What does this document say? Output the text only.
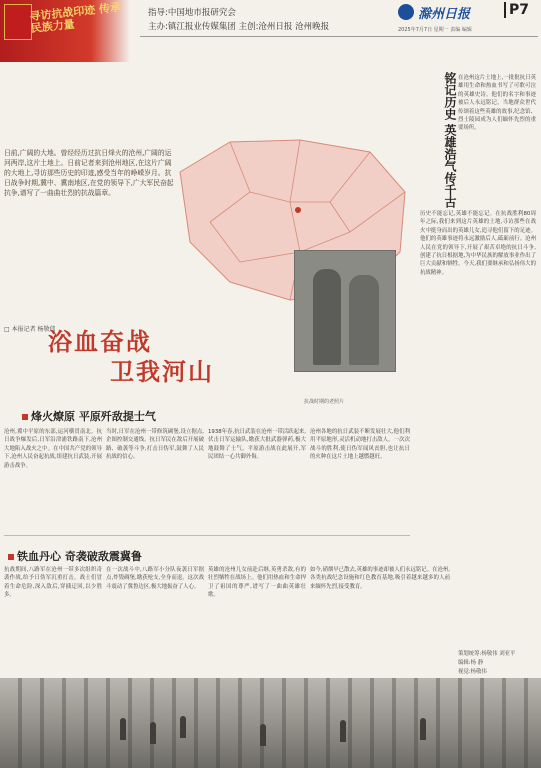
寻访抗战印迹 传承民族力量
指导:中国地市报研究会
主办:镇江报业传媒集团 主创:沧州日报 沧州晚报
滁州日报	P7
2025年7月7日 星期一 责编 编辑
日前,广阔的大地。曾经经历过抗日烽火的沧州,广阔的运河两岸,这片土地上。日前记者来到沧州地区,在这片广阔的大地上,寻访那些历史的印迹,感受当年的峥嵘岁月。抗日战争时期,冀中、冀南地区,在党的领导下,广大军民奋起抗争,谱写了一曲曲壮烈的抗战篇章。
抗战时期的老照片
浴血奋战
卫我河山
□ 本报记者 杨敬伟
铭记历史 英雄浩气传千古 在沧州这片土地上,一批批抗日英雄用生命和热血书写了可歌可泣的英雄史诗。他们的名字和事迹被后人永远铭记。当地群众世代传颂着这些英雄的故事,纪念馆、烈士陵园成为人们缅怀先烈的重要场所。
历史不能忘记,英雄不能忘记。在抗战胜利80周年之际,我们来到这片英雄的土地,寻访那些在战火中挺身而出的英雄儿女,追寻他们留下的足迹。他们的英雄事迹将永远激励后人,砥砺前行。沧州人民在党的领导下,开展了艰苦卓绝的抗日斗争,创建了抗日根据地,为中华民族的解放事业作出了巨大贡献和牺牲。今天,我们要继承和弘扬伟大的抗战精神。
策划统筹:杨敬伟 刘亚平
编辑:杨 静
视觉:杨敬伟
烽火燎原 平原歼敌提士气
沧州,冀中平原的东部,运河横贯南北。抗日战争爆发后,日军沿津浦铁路南下,沧州大地陷入战火之中。在中国共产党的领导下,沧州人民奋起抗战,组建抗日武装,开展游击战争。
当时,日军在沧州一带修筑碉堡,设立据点,企图控制交通线。抗日军民在敌后开展破路、破袭等斗争,打击日伪军,鼓舞了人民抗战的信心。
1938年春,抗日武装在沧州一带活跃起来,伏击日军运输队,缴获大批武器弹药,极大地鼓舞了士气。平原游击战在此展开,军民团结一心共御外侮。
沧州各地的抗日武装不断发展壮大,他们利用平原地形,灵活机动地打击敌人。一次次战斗的胜利,使日伪军闻风丧胆,也让抗日的火种在这片土地上越燃越旺。
铁血丹心 奇袭破敌震冀鲁
抗战期间,八路军在沧州一带多次组织奇袭作战,给予日伪军沉重打击。战士们冒着生命危险,深入敌后,穿插迂回,以少胜多。
在一次战斗中,八路军小分队夜袭日军据点,炸毁碉堡,缴获枪支,全身而退。这次战斗震动了冀鲁边区,极大地振奋了人心。
英雄的沧州儿女前赴后继,英勇杀敌,有的壮烈牺牲在战场上。他们用热血和生命捍卫了祖国的尊严,谱写了一曲曲英雄壮歌。
如今,硝烟早已散去,英雄的事迹却被人们永远铭记。在沧州,各类抗战纪念设施和红色教育基地,吸引着越来越多的人前来缅怀先烈,接受教育。
